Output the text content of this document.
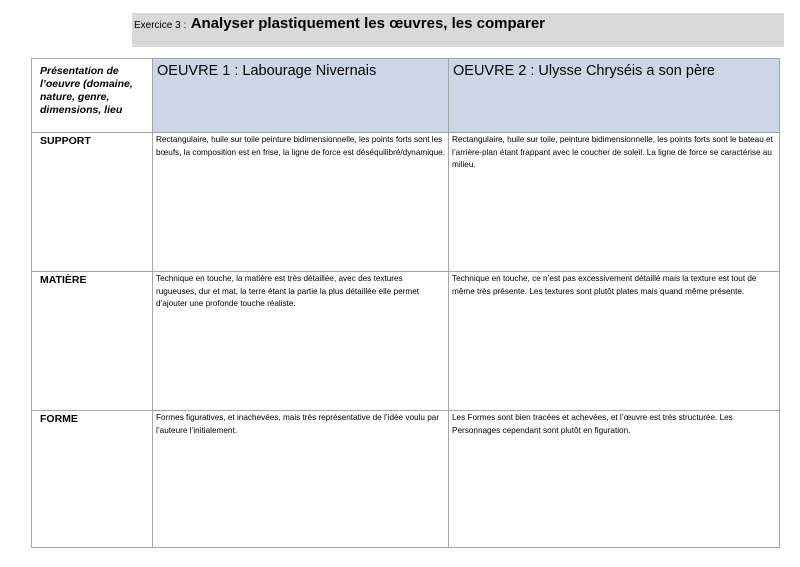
Exercice 3 : Analyser plastiquement les œuvres, les comparer
Présentation de l’oeuvre (domaine, nature, genre, dimensions, lieu	OEUVRE 1 : Labourage Nivernais	OEUVRE 2 : Ulysse Chryséis a son père
SUPPORT	Rectangulaire, huile sur toile peinture bidimensionnelle, les points forts sont les bœufs, la composition est en frise, la ligne de force est déséquilibré/dynamique.	Rectangulaire, huile sur toile, peinture bidimensionnelle, les points forts sont le bateau et l’arrière-plan étant frappant avec le coucher de soleil. La ligne de force se caractérise au milieu.
MATIÈRE	Technique en touche, la matière est très détaillée, avec des textures rugueuses, dur et mat, la terre étant la partie la plus détaillée elle permet d’ajouter une profonde touche réaliste.	Technique en touche, ce n’est pas excessivement détaillé mais la texture est tout de même très présente. Les textures sont plutôt plates mais quand même présente.
FORME	Formes figuratives, et inachevées, mais très représentative de l’idée voulu par l’auteure l’initialement.	Les Formes sont bien tracées et achevées, et l’œuvre est très structurée. Les Personnages cependant sont plutôt en figuration.
